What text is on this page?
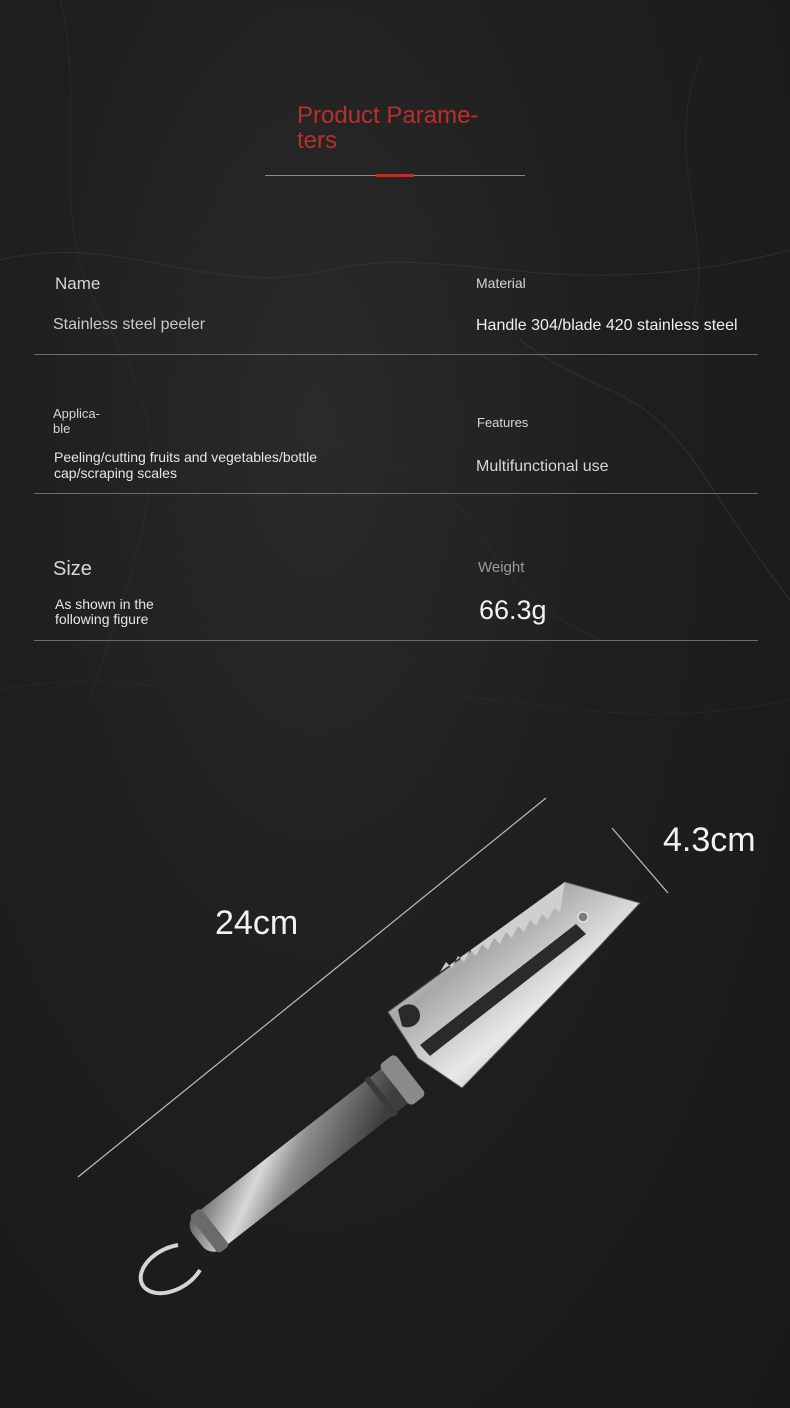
Product Parame-
ters

Name

Stainless steel peeler

Material

Handle 304/blade 420 stainless steel

Applica-
ble

Peeling/cutting fruits and vegetables/bottle
cap/scraping scales

Features

Multifunctional use

Size

As shown in the
following figure

Weight

66.3g

24cm
4.3cm
